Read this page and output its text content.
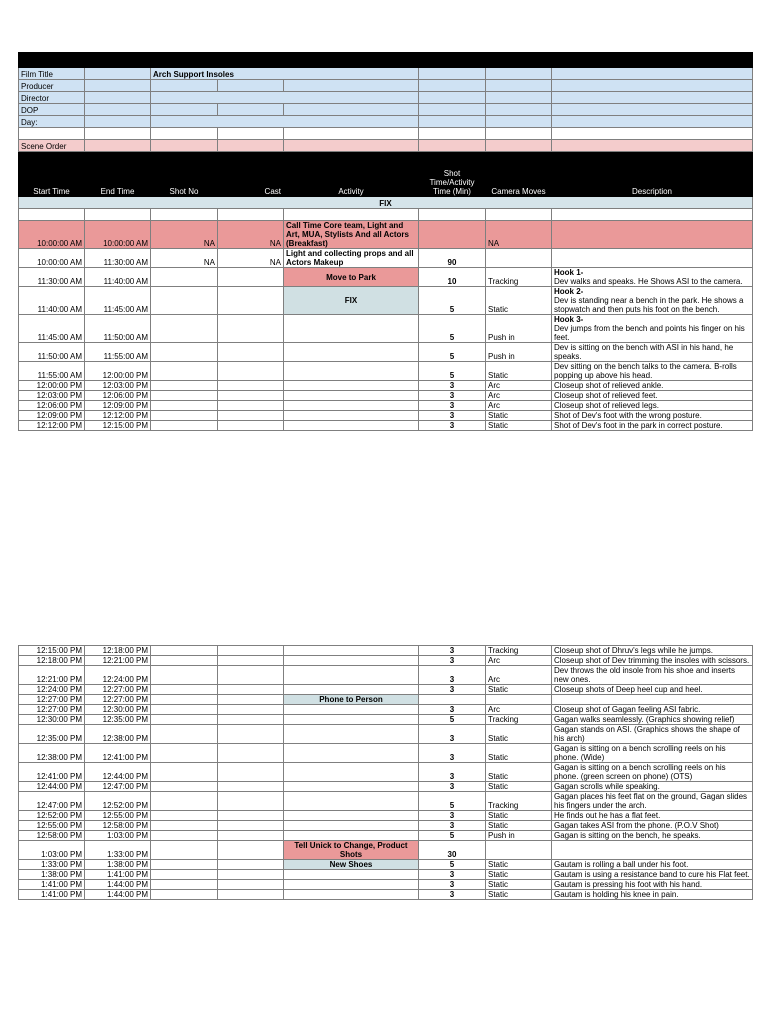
Film Title		Arch Support Insoles					
Producer							
Director							
DOP							
Day:							

Scene Order							
Start Time	End Time	Shot No	Cast	Activity	Shot Time/Activity Time (Min)	Camera Moves	Description
FIX							

10:00:00 AM	10:00:00 AM	NA	NA	Call Time Core team, Light and Art, MUA, Stylists And all Actors (Breakfast)		NA	

10:00:00 AM	11:30:00 AM	NA	NA	Light and collecting props and all Actors Makeup	90		

11:30:00 AM	11:40:00 AM			Move to Park	10	Tracking	Hook 1-
Dev walks and speaks. He Shows ASI to the camera.

11:40:00 AM	11:45:00 AM			FIX	5	Static	Hook 2-
Dev is standing near a bench in the park. He shows a stopwatch and then puts his foot on the bench.

11:45:00 AM	11:50:00 AM				5	Push in	Hook 3-
Dev jumps from the bench and points his finger on his feet.

11:50:00 AM	11:55:00 AM				5	Push in	Dev is sitting on the bench with ASI in his hand, he speaks.

11:55:00 AM	12:00:00 PM				5	Static	Dev sitting on the bench talks to the camera. B-rolls popping up above his head.

12:00:00 PM	12:03:00 PM				3	Arc	Closeup shot of relieved ankle.

12:03:00 PM	12:06:00 PM				3	Arc	Closeup shot of relieved feet.

12:06:00 PM	12:09:00 PM				3	Arc	Closeup shot of relieved legs.

12:09:00 PM	12:12:00 PM				3	Static	Shot of Dev's foot with the wrong posture.

12:12:00 PM	12:15:00 PM				3	Static	Shot of Dev's foot in the park in correct posture.
12:15:00 PM	12:18:00 PM				3	Tracking	Closeup shot of Dhruv's legs while he jumps.

12:18:00 PM	12:21:00 PM				3	Arc	Closeup shot of Dev trimming the insoles with scissors.

12:21:00 PM	12:24:00 PM				3	Arc	Dev throws the old insole from his shoe and inserts new ones.

12:24:00 PM	12:27:00 PM				3	Static	Closeup shots of Deep heel cup and heel.

12:27:00 PM	12:27:00 PM			Phone to Person			

12:27:00 PM	12:30:00 PM				3	Arc	Closeup shot of Gagan feeling ASI fabric.

12:30:00 PM	12:35:00 PM				5	Tracking	Gagan walks seamlessly. (Graphics showing relief)

12:35:00 PM	12:38:00 PM				3	Static	Gagan stands on ASI. (Graphics shows the shape of his arch)

12:38:00 PM	12:41:00 PM				3	Static	Gagan is sitting on a bench scrolling reels on his phone. (Wide)

12:41:00 PM	12:44:00 PM				3	Static	Gagan is sitting on a bench scrolling reels on his phone. (green screen on phone) (OTS)

12:44:00 PM	12:47:00 PM				3	Static	Gagan scrolls while speaking.

12:47:00 PM	12:52:00 PM				5	Tracking	Gagan places his feet flat on the ground, Gagan slides his fingers under the arch.

12:52:00 PM	12:55:00 PM				3	Static	He finds out he has a flat feet.

12:55:00 PM	12:58:00 PM				3	Static	Gagan takes ASI from the phone. (P.O.V Shot)

12:58:00 PM	1:03:00 PM				5	Push in	Gagan is sitting on the bench, he speaks.

1:03:00 PM	1:33:00 PM			Tell Unick to Change, Product Shots	30		

1:33:00 PM	1:38:00 PM			New Shoes	5	Static	Gautam is rolling a ball under his foot.

1:38:00 PM	1:41:00 PM				3	Static	Gautam is using a resistance band to cure his Flat feet.

1:41:00 PM	1:44:00 PM				3	Static	Gautam is pressing his foot with his hand.

1:41:00 PM	1:44:00 PM				3	Static	Gautam is holding his knee in pain.
